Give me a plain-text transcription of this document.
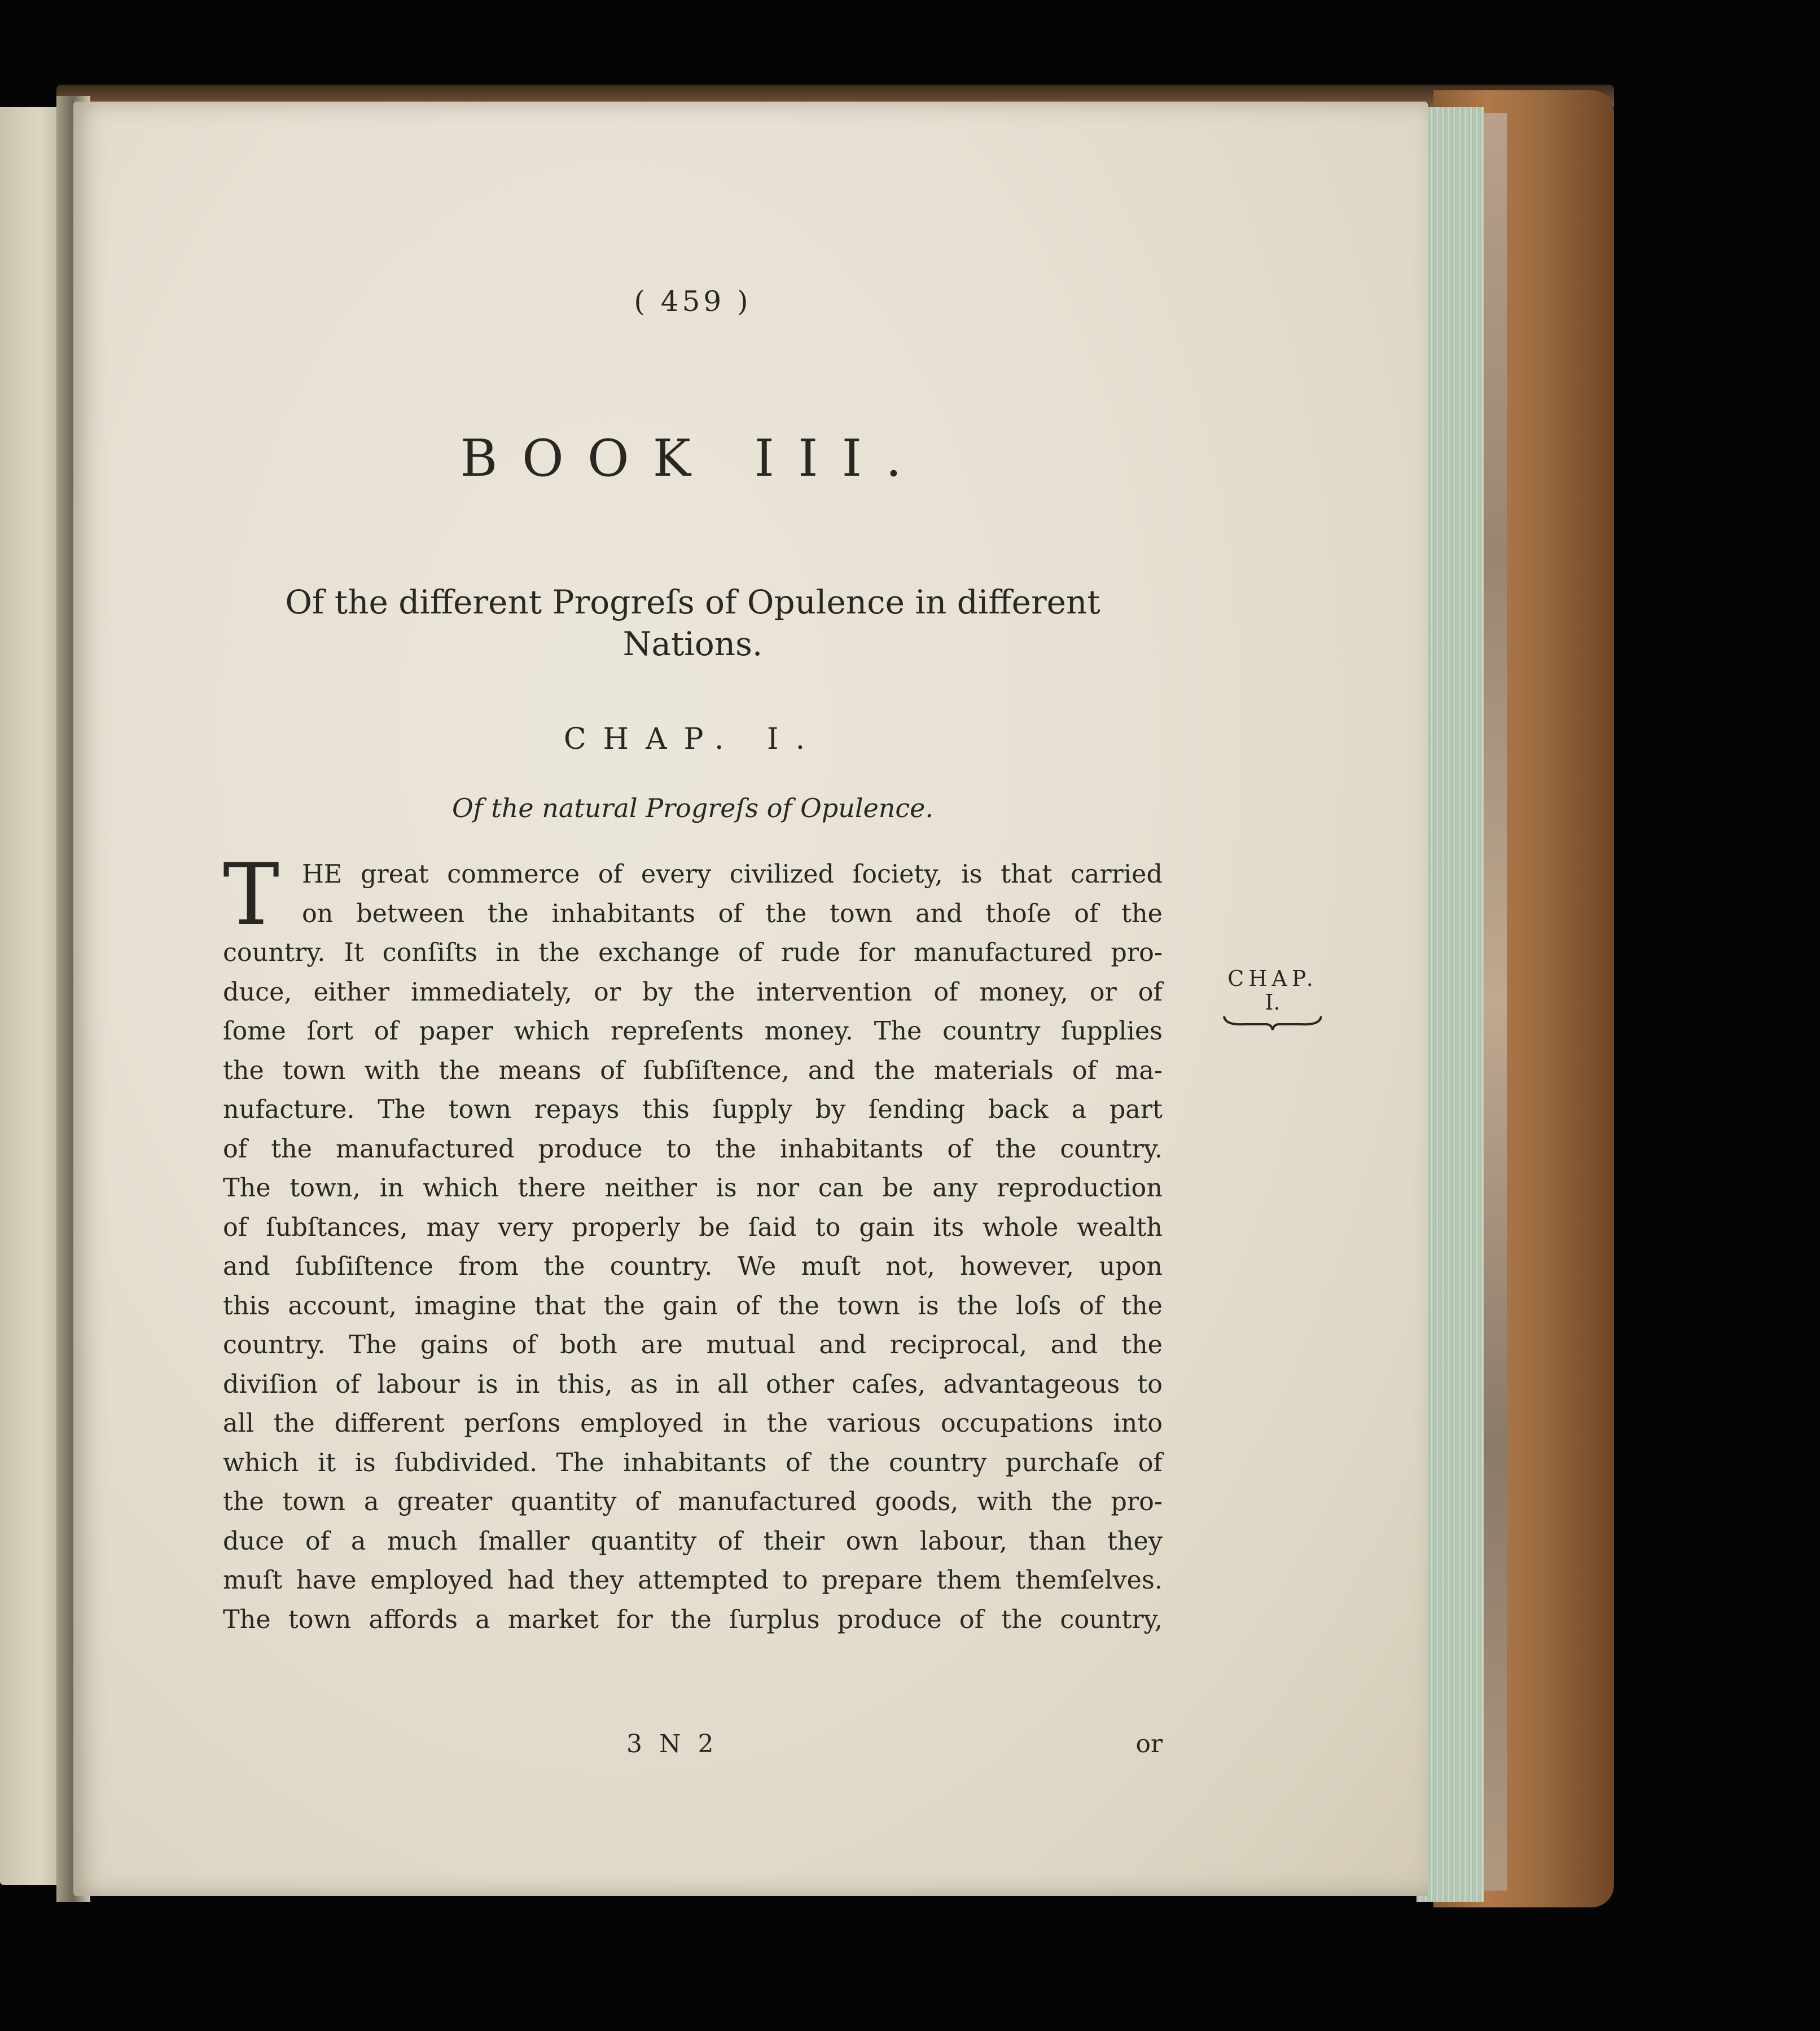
( 459 )
BOOK III.
Of the different Progreſs of Opulence in different
Nations.
CHAP. I.
Of the natural Progreſs of Opulence.
T HE great commerce of every civilized ſociety, is that carried
on between the inhabitants of the town and thoſe of the
country. It conſiſts in the exchange of rude for manufactured pro-
duce, either immediately, or by the intervention of money, or of
ſome ſort of paper which repreſents money. The country ſupplies
the town with the means of ſubſiſtence, and the materials of ma-
nufacture. The town repays this ſupply by ſending back a part
of the manufactured produce to the inhabitants of the country.
The town, in which there neither is nor can be any reproduction
of ſubſtances, may very properly be ſaid to gain its whole wealth
and ſubſiſtence from the country. We muſt not, however, upon
this account, imagine that the gain of the town is the loſs of the
country. The gains of both are mutual and reciprocal, and the
diviſion of labour is in this, as in all other caſes, advantageous to
all the different perſons employed in the various occupations into
which it is ſubdivided. The inhabitants of the country purchaſe of
the town a greater quantity of manufactured goods, with the pro-
duce of a much ſmaller quantity of their own labour, than they
muſt have employed had they attempted to prepare them themſelves.
The town affords a market for the ſurplus produce of the country,
3 N 2	or
CHAP.
I.
